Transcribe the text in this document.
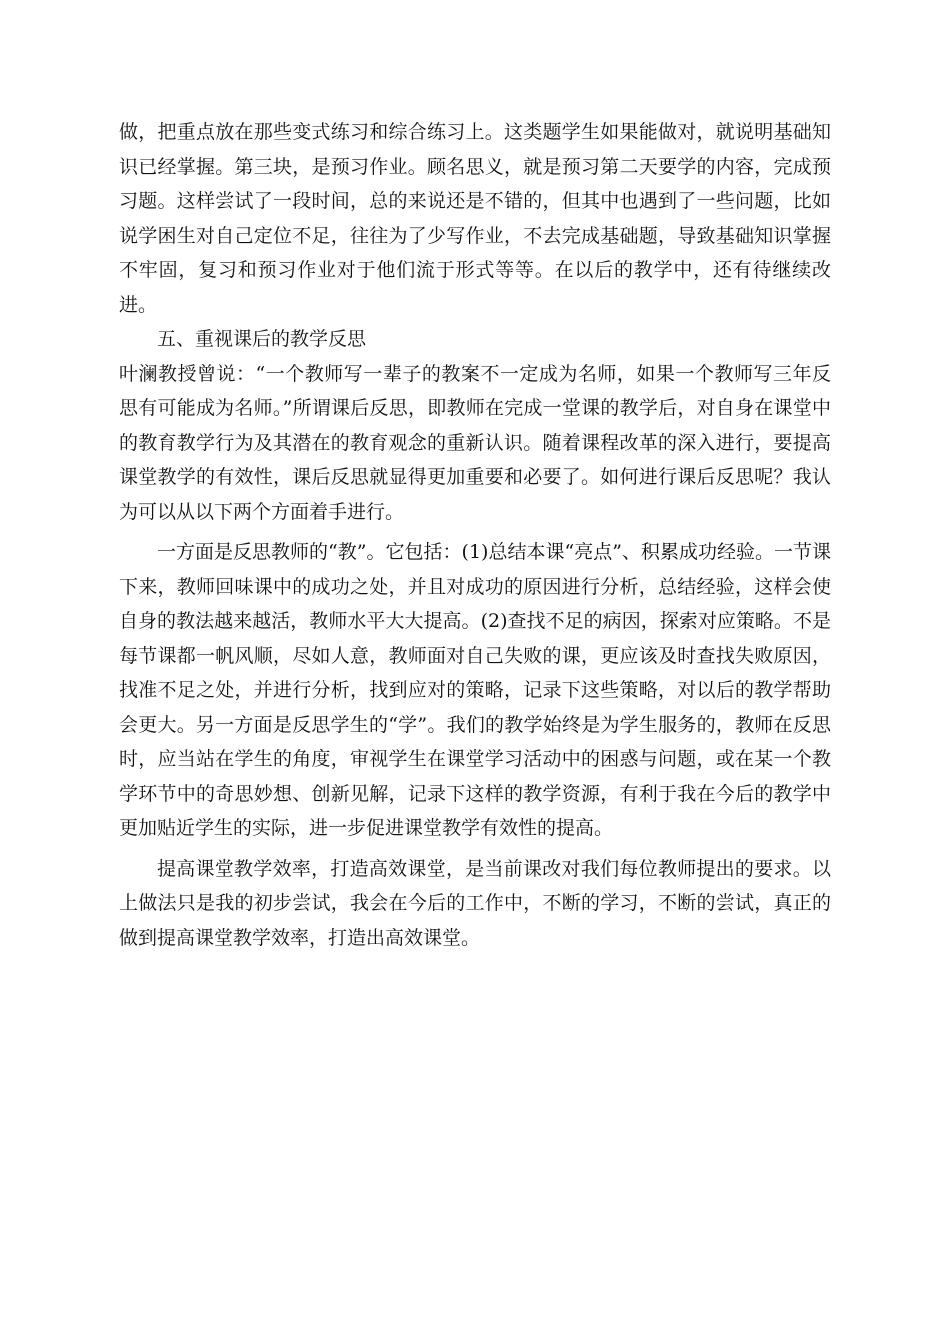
做，把重点放在那些变式练习和综合练习上。这类题学生如果能做对，就说明基础知识已经掌握。第三块，是预习作业。顾名思义，就是预习第二天要学的内容，完成预习题。这样尝试了一段时间，总的来说还是不错的，但其中也遇到了一些问题，比如说学困生对自己定位不足，往往为了少写作业，不去完成基础题，导致基础知识掌握不牢固，复习和预习作业对于他们流于形式等等。在以后的教学中，还有待继续改进。

五、重视课后的教学反思

叶澜教授曾说：“一个教师写一辈子的教案不一定成为名师，如果一个教师写三年反思有可能成为名师。”所谓课后反思，即教师在完成一堂课的教学后，对自身在课堂中的教育教学行为及其潜在的教育观念的重新认识。随着课程改革的深入进行，要提高课堂教学的有效性，课后反思就显得更加重要和必要了。如何进行课后反思呢？我认为可以从以下两个方面着手进行。

一方面是反思教师的“教”。它包括：(1)总结本课“亮点”、积累成功经验。一节课下来，教师回味课中的成功之处，并且对成功的原因进行分析，总结经验，这样会使自身的教法越来越活，教师水平大大提高。(2)查找不足的病因，探索对应策略。不是每节课都一帆风顺，尽如人意，教师面对自己失败的课，更应该及时查找失败原因，找准不足之处，并进行分析，找到应对的策略，记录下这些策略，对以后的教学帮助会更大。另一方面是反思学生的“学”。我们的教学始终是为学生服务的，教师在反思时，应当站在学生的角度，审视学生在课堂学习活动中的困惑与问题，或在某一个教学环节中的奇思妙想、创新见解，记录下这样的教学资源，有利于我在今后的教学中更加贴近学生的实际，进一步促进课堂教学有效性的提高。

提高课堂教学效率，打造高效课堂，是当前课改对我们每位教师提出的要求。以上做法只是我的初步尝试，我会在今后的工作中，不断的学习，不断的尝试，真正的做到提高课堂教学效率，打造出高效课堂。
